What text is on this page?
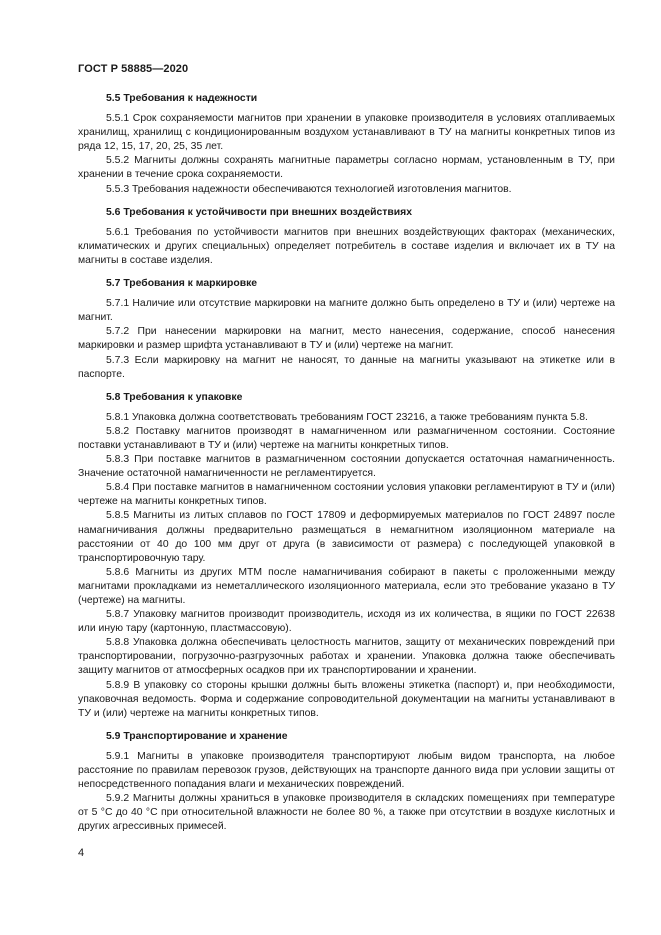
ГОСТ Р 58885—2020

5.5 Требования к надежности

5.5.1 Срок сохраняемости магнитов при хранении в упаковке производителя в условиях отапливаемых хранилищ, хранилищ с кондиционированным воздухом устанавливают в ТУ на магниты конкретных типов из ряда 12, 15, 17, 20, 25, 35 лет.

5.5.2 Магниты должны сохранять магнитные параметры согласно нормам, установленным в ТУ, при хранении в течение срока сохраняемости.

5.5.3 Требования надежности обеспечиваются технологией изготовления магнитов.

5.6 Требования к устойчивости при внешних воздействиях

5.6.1 Требования по устойчивости магнитов при внешних воздействующих факторах (механических, климатических и других специальных) определяет потребитель в составе изделия и включает их в ТУ на магниты в составе изделия.

5.7 Требования к маркировке

5.7.1 Наличие или отсутствие маркировки на магните должно быть определено в ТУ и (или) чертеже на магнит.

5.7.2 При нанесении маркировки на магнит, место нанесения, содержание, способ нанесения маркировки и размер шрифта устанавливают в ТУ и (или) чертеже на магнит.

5.7.3 Если маркировку на магнит не наносят, то данные на магниты указывают на этикетке или в паспорте.

5.8 Требования к упаковке

5.8.1 Упаковка должна соответствовать требованиям ГОСТ 23216, а также требованиям пункта 5.8.

5.8.2 Поставку магнитов производят в намагниченном или размагниченном состоянии. Состояние поставки устанавливают в ТУ и (или) чертеже на магниты конкретных типов.

5.8.3 При поставке магнитов в размагниченном состоянии допускается остаточная намагниченность. Значение остаточной намагниченности не регламентируется.

5.8.4 При поставке магнитов в намагниченном состоянии условия упаковки регламентируют в ТУ и (или) чертеже на магниты конкретных типов.

5.8.5 Магниты из литых сплавов по ГОСТ 17809 и деформируемых материалов по ГОСТ 24897 после намагничивания должны предварительно размещаться в немагнитном изоляционном материале на расстоянии от 40 до 100 мм друг от друга (в зависимости от размера) с последующей упаковкой в транспортировочную тару.

5.8.6 Магниты из других МТМ после намагничивания собирают в пакеты с проложенными между магнитами прокладками из неметаллического изоляционного материала, если это требование указано в ТУ (чертеже) на магниты.

5.8.7 Упаковку магнитов производит производитель, исходя из их количества, в ящики по ГОСТ 22638 или иную тару (картонную, пластмассовую).

5.8.8 Упаковка должна обеспечивать целостность магнитов, защиту от механических повреждений при транспортировании, погрузочно-разгрузочных работах и хранении. Упаковка должна также обеспечивать защиту магнитов от атмосферных осадков при их транспортировании и хранении.

5.8.9 В упаковку со стороны крышки должны быть вложены этикетка (паспорт) и, при необходимости, упаковочная ведомость. Форма и содержание сопроводительной документации на магниты устанавливают в ТУ и (или) чертеже на магниты конкретных типов.

5.9 Транспортирование и хранение

5.9.1 Магниты в упаковке производителя транспортируют любым видом транспорта, на любое расстояние по правилам перевозок грузов, действующих на транспорте данного вида при условии защиты от непосредственного попадания влаги и механических повреждений.

5.9.2 Магниты должны храниться в упаковке производителя в складских помещениях при температуре от 5 °С до 40 °С при относительной влажности не более 80 %, а также при отсутствии в воздухе кислотных и других агрессивных примесей.

4
